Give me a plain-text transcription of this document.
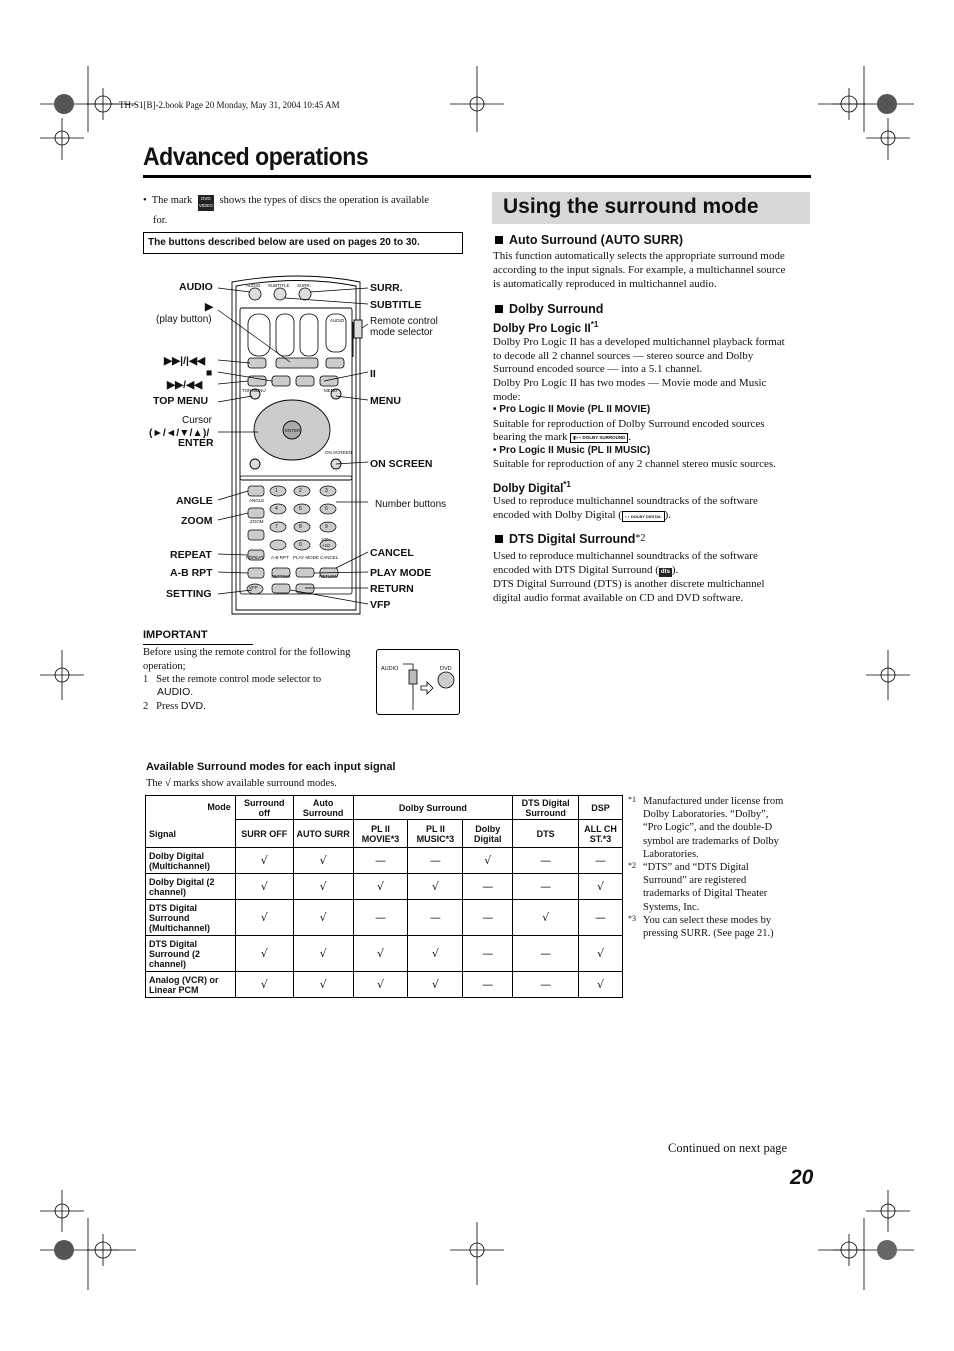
TH-S1[B]-2.book Page 20 Monday, May 31, 2004 10:45 AM
Advanced operations
• The mark DVD VIDEO shows the types of discs the operation is available
for.
The buttons described below are used on pages 20 to 30.
AUDIO SUBTITLE SURR.
AUDIO
TOP MENU	MENU
ENTER
ON SCREEN
ANGLE
ZOOM
REPEAT A-B RPT PLAY MODE CANCEL
SETTING	RETURN
VFP
1	2	3
4	5	6
7	8	9
0
100+
+10
AUDIO
▶
(play button)
▶▶|/|◀◀
■
▶▶/◀◀
TOP MENU
Cursor
(►/◄/▼/▲)/
ENTER
ANGLE
ZOOM
REPEAT
A-B RPT
SETTING
SURR.
SUBTITLE
Remote control
mode selector
II
MENU
ON SCREEN
Number buttons
CANCEL
PLAY MODE
RETURN
VFP
IMPORTANT
Before using the remote control for the following
operation;
1 Set the remote control mode selector to
AUDIO.
2 Press DVD.
AUDIO	DVD
Using the surround mode
Auto Surround (AUTO SURR)
This function automatically selects the appropriate surround mode
according to the input signals. For example, a multichannel source
is automatically reproduced in multichannel audio.
Dolby Surround
Dolby Pro Logic II$^{*1}$
Dolby Pro Logic II has a developed multichannel playback format
to decode all 2 channel sources — stereo source and Dolby
Surround encoded source — into a 5.1 channel.
Dolby Pro Logic II has two modes — Movie mode and Music
mode:
• Pro Logic II Movie (PL II MOVIE)
Suitable for reproduction of Dolby Surround encoded sources
bearing the mark ▮◗◖ DOLBY SURROUND .
• Pro Logic II Music (PL II MUSIC)
Suitable for reproduction of any 2 channel stereo music sources.
Dolby Digital$^{*1}$
Used to reproduce multichannel soundtracks of the software
encoded with Dolby Digital ( ◗◖ DOLBY DIGITAL ).
DTS Digital Surround*2
Used to reproduce multichannel soundtracks of the software
encoded with DTS Digital Surround ( dts ).
DTS Digital Surround (DTS) is another discrete multichannel
digital audio format available on CD and DVD software.
Available Surround modes for each input signal
The √ marks show available surround modes.
Mode
Signal	Surround off	Auto Surround	Dolby Surround			DTS Digital Surround	DSP
	SURR OFF	AUTO SURR	PL II MOVIE*3	PL II MUSIC*3	Dolby Digital	DTS	ALL CH ST.*3
Dolby Digital (Multichannel)	√	√	—	—	√	—	—
Dolby Digital (2 channel)	√	√	√	√	—	—	√
DTS Digital Surround (Multichannel)	√	√	—	—	—	√	—
DTS Digital Surround (2 channel)	√	√	√	√	—	—	√
Analog (VCR) or Linear PCM	√	√	√	√	—	—	√
*1 Manufactured under license from
Dolby Laboratories. “Dolby”,
“Pro Logic”, and the double-D
symbol are trademarks of Dolby
Laboratories.
*2 “DTS” and “DTS Digital
Surround” are registered
trademarks of Digital Theater
Systems, Inc.
*3 You can select these modes by
pressing SURR. (See page 21.)
Continued on next page
20
